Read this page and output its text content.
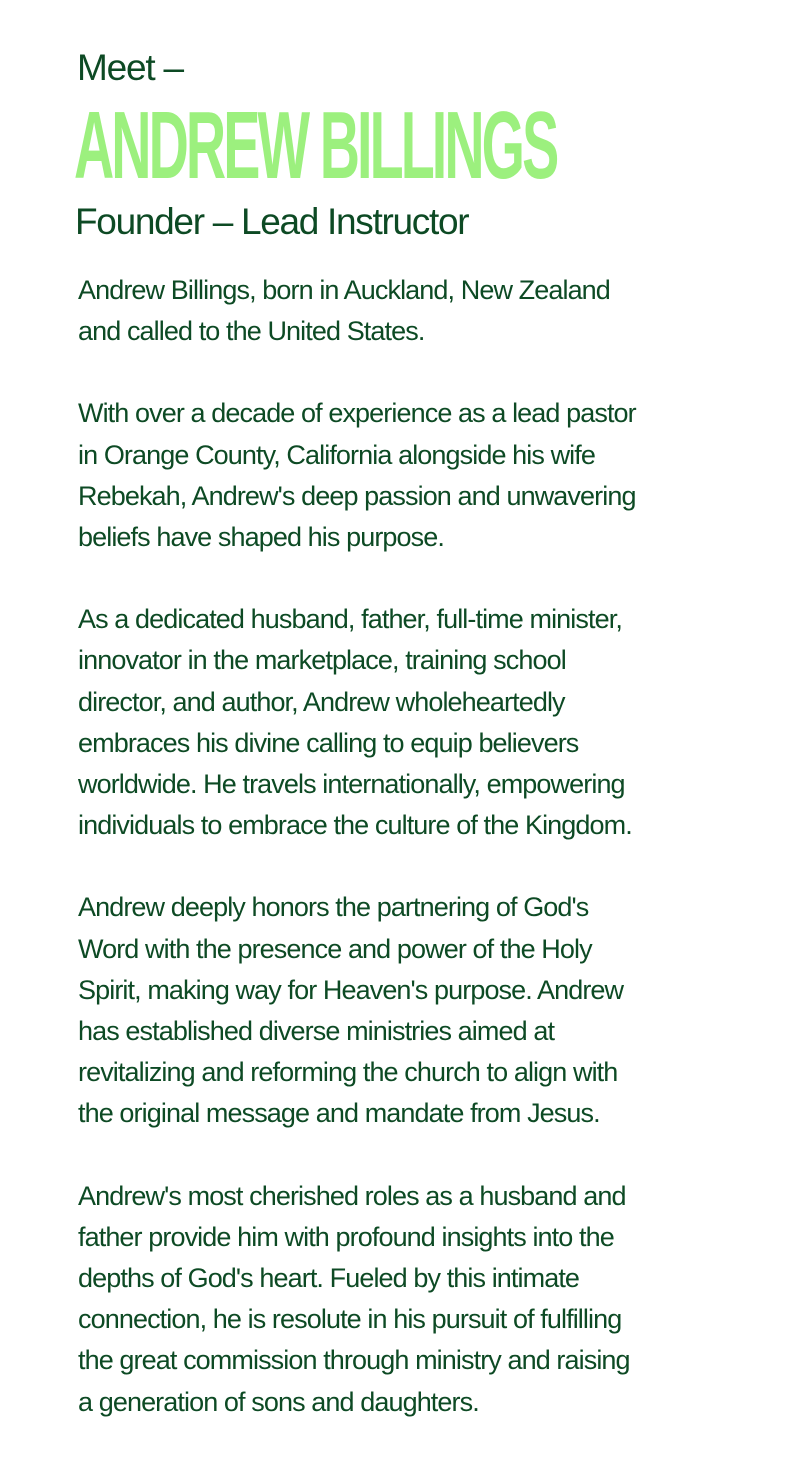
Meet –

ANDREW BILLINGS
Founder – Lead Instructor

Andrew Billings, born in Auckland, New Zealand
and called to the United States.

With over a decade of experience as a lead pastor
in Orange County, California alongside his wife
Rebekah, Andrew's deep passion and unwavering
beliefs have shaped his purpose.

As a dedicated husband, father, full-time minister,
innovator in the marketplace, training school
director, and author, Andrew wholeheartedly
embraces his divine calling to equip believers
worldwide. He travels internationally, empowering
individuals to embrace the culture of the Kingdom.

Andrew deeply honors the partnering of God's
Word with the presence and power of the Holy
Spirit, making way for Heaven's purpose. Andrew
has established diverse ministries aimed at
revitalizing and reforming the church to align with
the original message and mandate from Jesus.

Andrew's most cherished roles as a husband and
father provide him with profound insights into the
depths of God's heart. Fueled by this intimate
connection, he is resolute in his pursuit of fulfilling
the great commission through ministry and raising
a generation of sons and daughters.
